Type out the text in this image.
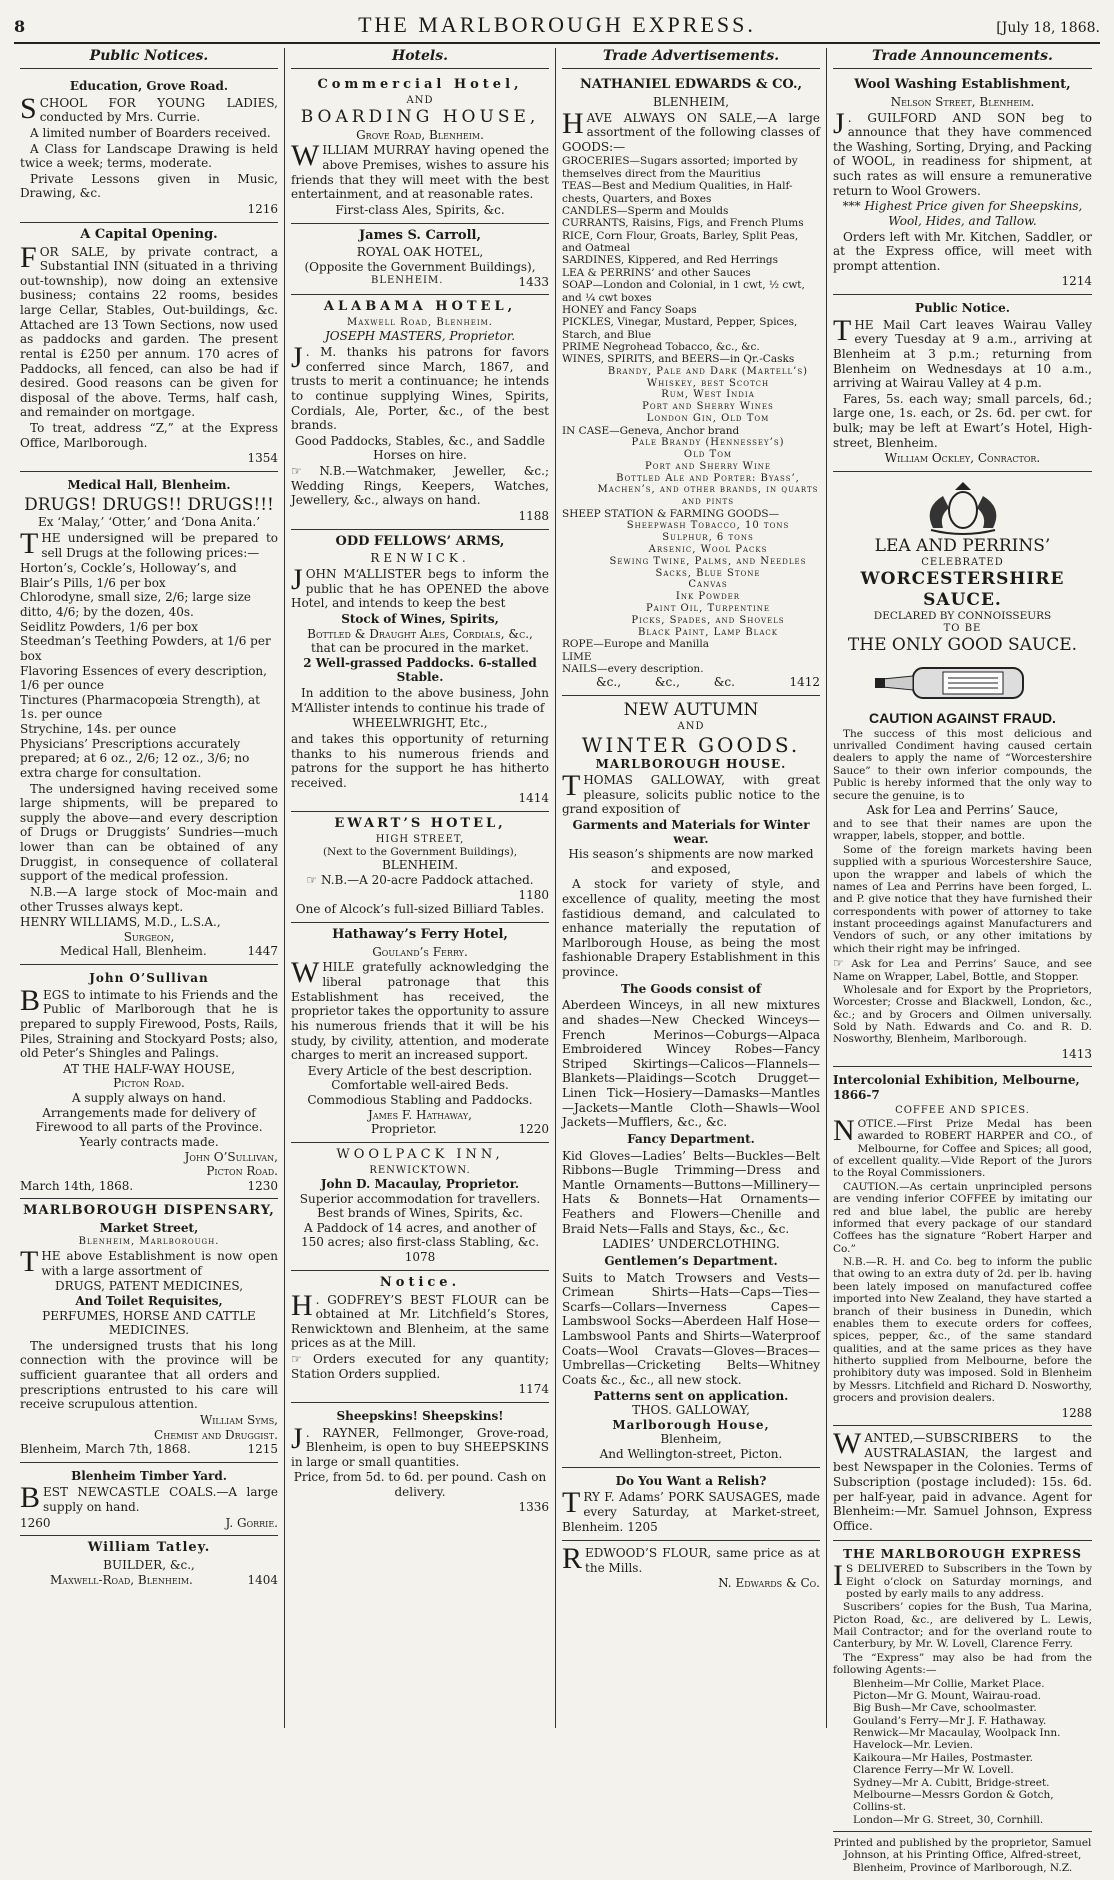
8	THE MARLBOROUGH EXPRESS.	[July 18, 1868.
Public Notices.
Education, Grove Road.

SCHOOL FOR YOUNG LADIES, conducted by Mrs. Currie.

A limited number of Boarders received.

A Class for Landscape Drawing is held twice a week; terms, moderate.

Private Lessons given in Music, Drawing, &c.

1216
A Capital Opening.

FOR SALE, by private contract, a Substantial INN (situated in a thriving out-township), now doing an extensive business; contains 22 rooms, besides large Cellar, Stables, Out-buildings, &c. Attached are 13 Town Sections, now used as paddocks and garden. The present rental is £250 per annum. 170 acres of Paddocks, all fenced, can also be had if desired. Good reasons can be given for disposal of the above. Terms, half cash, and remainder on mortgage.

To treat, address “Z,” at the Express Office, Marlborough.

1354
Medical Hall, Blenheim.
DRUGS! DRUGS!! DRUGS!!!
Ex ‘Malay,’ ‘Otter,’ and ‘Dona Anita.’

THE undersigned will be prepared to sell Drugs at the following prices:—

Horton’s, Cockle’s, Holloway’s, and Blair’s Pills, 1/6 per box
Chlorodyne, small size, 2/6; large size ditto, 4/6; by the dozen, 40s.
Seidlitz Powders, 1/6 per box
Steedman’s Teething Powders, at 1/6 per box
Flavoring Essences of every description, 1/6 per ounce
Tinctures (Pharmacopœia Strength), at 1s. per ounce
Strychine, 14s. per ounce
Physicians’ Prescriptions accurately prepared; at 6 oz., 2/6; 12 oz., 3/6; no extra charge for consultation.

The undersigned having received some large shipments, will be prepared to supply the above—and every description of Drugs or Druggists’ Sundries—much lower than can be obtained of any Druggist, in consequence of collateral support of the medical profession.

N.B.—A large stock of Moc-main and other Trusses always kept.

HENRY WILLIAMS, M.D., L.S.A.,
Surgeon,
Medical Hall, Blenheim.	1447
John O’Sullivan

BEGS to intimate to his Friends and the Public of Marlborough that he is prepared to supply Firewood, Posts, Rails, Piles, Straining and Stockyard Posts; also, old Peter’s Shingles and Palings.

AT THE HALF-WAY HOUSE,
Picton Road.
A supply always on hand.
Arrangements made for delivery of Firewood to all parts of the Province.
Yearly contracts made.
John O’Sullivan,
Picton Road.
March 14th, 1868.	1230
MARLBOROUGH DISPENSARY,
Market Street,
Blenheim, Marlborough.

THE above Establishment is now open with a large assortment of

DRUGS, PATENT MEDICINES,
And Toilet Requisites,
PERFUMES, HORSE AND CATTLE MEDICINES.

The undersigned trusts that his long connection with the province will be sufficient guarantee that all orders and prescriptions entrusted to his care will receive scrupulous attention.

William Syms,
Chemist and Druggist.
Blenheim, March 7th, 1868.	1215
Blenheim Timber Yard.

BEST NEWCASTLE COALS.—A large supply on hand.

1260	J. Gorrie.
William Tatley.
BUILDER, &c.,
Maxwell-Road, Blenheim.	1404
Hotels.
Commercial Hotel,
AND
BOARDING HOUSE,
Grove Road, Blenheim.

WILLIAM MURRAY having opened the above Premises, wishes to assure his friends that they will meet with the best entertainment, and at reasonable rates.

First-class Ales, Spirits, &c.
James S. Carroll,
ROYAL OAK HOTEL,
(Opposite the Government Buildings),
BLENHEIM.	1433
ALABAMA HOTEL,
Maxwell Road, Blenheim.
JOSEPH MASTERS, Proprietor.

J . M. thanks his patrons for favors conferred since March, 1867, and trusts to merit a continuance; he intends to continue supplying Wines, Spirits, Cordials, Ale, Porter, &c., of the best brands.

Good Paddocks, Stables, &c., and Saddle Horses on hire.

☞ N.B.—Watchmaker, Jeweller, &c.; Wedding Rings, Keepers, Watches, Jewellery, &c., always on hand.

1188
ODD FELLOWS’ ARMS,
RENWICK.

JOHN M‘ALLISTER begs to inform the public that he has OPENED the above Hotel, and intends to keep the best

Stock of Wines, Spirits,
Bottled & Draught Ales, Cordials, &c.,
that can be procured in the market.
2 Well-grassed Paddocks. 6-stalled Stable.

In addition to the above business, John M‘Allister intends to continue his trade of

WHEELWRIGHT, Etc.,

and takes this opportunity of returning thanks to his numerous friends and patrons for the support he has hitherto received.

1414
EWART’S HOTEL,
HIGH STREET,
(Next to the Government Buildings),
BLENHEIM.
☞ N.B.—A 20-acre Paddock attached.
1180
One of Alcock’s full-sized Billiard Tables.
Hathaway’s Ferry Hotel,
Gouland’s Ferry.

WHILE gratefully acknowledging the liberal patronage that this Establishment has received, the proprietor takes the opportunity to assure his numerous friends that it will be his study, by civility, attention, and moderate charges to merit an increased support.

Every Article of the best description.
Comfortable well-aired Beds.
Commodious Stabling and Paddocks.
James F. Hathaway,
Proprietor.	1220
WOOLPACK INN,
RENWICKTOWN.
John D. Macaulay, Proprietor.
Superior accommodation for travellers.
Best brands of Wines, Spirits, &c.
A Paddock of 14 acres, and another of 150 acres; also first-class Stabling, &c. 1078
Notice.

H . GODFREY’S BEST FLOUR can be obtained at Mr. Litchfield’s Stores, Renwicktown and Blenheim, at the same prices as at the Mill.

☞ Orders executed for any quantity; Station Orders supplied.

1174
Sheepskins! Sheepskins!

J . RAYNER, Fellmonger, Grove-road, Blenheim, is open to buy SHEEPSKINS in large or small quantities.

Price, from 5d. to 6d. per pound. Cash on delivery.
1336
Trade Advertisements.
NATHANIEL EDWARDS & CO.,
BLENHEIM,

HAVE ALWAYS ON SALE,—A large assortment of the following classes of GOODS:—

GROCERIES—Sugars assorted; imported by themselves direct from the Mauritius
TEAS—Best and Medium Qualities, in Half-chests, Quarters, and Boxes
CANDLES—Sperm and Moulds
CURRANTS, Raisins, Figs, and French Plums
RICE, Corn Flour, Groats, Barley, Split Peas, and Oatmeal
SARDINES, Kippered, and Red Herrings
LEA & PERRINS’ and other Sauces
SOAP—London and Colonial, in 1 cwt, ½ cwt, and ¼ cwt boxes
HONEY and Fancy Soaps
PICKLES, Vinegar, Mustard, Pepper, Spices, Starch, and Blue
PRIME Negrohead Tobacco, &c., &c.
WINES, SPIRITS, and BEERS—in Qr.-Casks
Brandy, Pale and Dark (Martell’s)
Whiskey, best Scotch
Rum, West India
Port and Sherry Wines
London Gin, Old Tom
IN CASE—Geneva, Anchor brand
Pale Brandy (Hennessey’s)
Old Tom
Port and Sherry Wine
Bottled Ale and Porter: Byass’, Machen’s, and other brands, in quarts and pints
SHEEP STATION & FARMING GOODS—
Sheepwash Tobacco, 10 tons
Sulphur, 6 tons
Arsenic, Wool Packs
Sewing Twine, Palms, and Needles
Sacks, Blue Stone
Canvas
Ink Powder
Paint Oil, Turpentine
Picks, Spades, and Shovels
Black Paint, Lamp Black
ROPE—Europe and Manilla
LIME
NAILS—every description.
&c., &c., &c.	1412
NEW AUTUMN
AND
WINTER GOODS.
MARLBOROUGH HOUSE.

THOMAS GALLOWAY, with great pleasure, solicits public notice to the grand exposition of

Garments and Materials for Winter wear.
His season’s shipments are now marked and exposed,

A stock for variety of style, and excellence of quality, meeting the most fastidious demand, and calculated to enhance materially the reputation of Marlborough House, as being the most fashionable Drapery Establishment in this province.

The Goods consist of

Aberdeen Winceys, in all new mixtures and shades—New Checked Winceys—French Merinos—Coburgs—Alpaca Embroidered Wincey Robes—Fancy Striped Skirtings—Calicos—Flannels—Blankets—Plaidings—Scotch Drugget—Linen Tick—Hosiery—Damasks—Mantles—Jackets—Mantle Cloth—Shawls—Wool Jackets—Mufflers, &c., &c.

Fancy Department.

Kid Gloves—Ladies’ Belts—Buckles—Belt Ribbons—Bugle Trimming—Dress and Mantle Ornaments—Buttons—Millinery—Hats & Bonnets—Hat Ornaments—Feathers and Flowers—Chenille and Braid Nets—Falls and Stays, &c., &c.

LADIES’ UNDERCLOTHING.
Gentlemen’s Department.

Suits to Match Trowsers and Vests—Crimean Shirts—Hats—Caps—Ties—Scarfs—Collars—Inverness Capes—Lambswool Socks—Aberdeen Half Hose—Lambswool Pants and Shirts—Waterproof Coats—Wool Cravats—Gloves—Braces—Umbrellas—Cricketing Belts—Whitney Coats &c., &c., all new stock.

Patterns sent on application.
THOS. GALLOWAY,
Marlborough House,
Blenheim,
And Wellington-street, Picton.
Do You Want a Relish?

TRY F. Adams’ PORK SAUSAGES, made every Saturday, at Market-street, Blenheim. 1205

REDWOOD’S FLOUR, same price as at the Mills.

N. Edwards & Co.
Trade Announcements.
Wool Washing Establishment,
Nelson Street, Blenheim.

J . GUILFORD AND SON beg to announce that they have commenced the Washing, Sorting, Drying, and Packing of WOOL, in readiness for shipment, at such rates as will ensure a remunerative return to Wool Growers.

*** Highest Price given for Sheepskins, Wool, Hides, and Tallow.

Orders left with Mr. Kitchen, Saddler, or at the Express office, will meet with prompt attention.

1214
Public Notice.

THE Mail Cart leaves Wairau Valley every Tuesday at 9 a.m., arriving at Blenheim at 3 p.m.; returning from Blenheim on Wednesdays at 10 a.m., arriving at Wairau Valley at 4 p.m.

Fares, 5s. each way; small parcels, 6d.; large one, 1s. each, or 2s. 6d. per cwt. for bulk; may be left at Ewart’s Hotel, High-street, Blenheim.

William Ockley, Conractor.
LEA AND PERRINS’
CELEBRATED
WORCESTERSHIRE SAUCE.
DECLARED BY CONNOISSEURS
TO BE
THE ONLY GOOD SAUCE.
CAUTION AGAINST FRAUD.

The success of this most delicious and unrivalled Condiment having caused certain dealers to apply the name of “Worcestershire Sauce” to their own inferior compounds, the Public is hereby informed that the only way to secure the genuine, is to

Ask for Lea and Perrins’ Sauce,

and to see that their names are upon the wrapper, labels, stopper, and bottle.

Some of the foreign markets having been supplied with a spurious Worcestershire Sauce, upon the wrapper and labels of which the names of Lea and Perrins have been forged, L. and P. give notice that they have furnished their correspondents with power of attorney to take instant proceedings against Manufacturers and Vendors of such, or any other imitations by which their right may be infringed.

☞ Ask for Lea and Perrins’ Sauce, and see Name on Wrapper, Label, Bottle, and Stopper.

Wholesale and for Export by the Proprietors, Worcester; Crosse and Blackwell, London, &c., &c.; and by Grocers and Oilmen universally. Sold by Nath. Edwards and Co. and R. D. Nosworthy, Blenheim, Marlborough.

1413
Intercolonial Exhibition, Melbourne, 1866-7
COFFEE AND SPICES.

NOTICE.—First Prize Medal has been awarded to ROBERT HARPER and CO., of Melbourne, for Coffee and Spices; all good, of excellent quality.—Vide Report of the Jurors to the Royal Commissioners.

CAUTION.—As certain unprincipled persons are vending inferior COFFEE by imitating our red and blue label, the public are hereby informed that every package of our standard Coffees has the signature “Robert Harper and Co.”

N.B.—R. H. and Co. beg to inform the public that owing to an extra duty of 2d. per lb. having been lately imposed on manufactured coffee imported into New Zealand, they have started a branch of their business in Dunedin, which enables them to execute orders for coffees, spices, pepper, &c., of the same standard qualities, and at the same prices as they have hitherto supplied from Melbourne, before the prohibitory duty was imposed. Sold in Blenheim by Messrs. Litchfield and Richard D. Nosworthy, grocers and provision dealers.

1288

WANTED,—SUBSCRIBERS to the AUSTRALASIAN, the largest and best Newspaper in the Colonies. Terms of Subscription (postage included): 15s. 6d. per half-year, paid in advance. Agent for Blenheim:—Mr. Samuel Johnson, Express Office.

THE MARLBOROUGH EXPRESS

I S DELIVERED to Subscribers in the Town by Eight o’clock on Saturday mornings, and posted by early mails to any address.

Suscribers’ copies for the Bush, Tua Marina, Picton Road, &c., are delivered by L. Lewis, Mail Contractor; and for the overland route to Canterbury, by Mr. W. Lovell, Clarence Ferry.

The “Express” may also be had from the following Agents:—

Blenheim—Mr Collie, Market Place.
Picton—Mr G. Mount, Wairau-road.
Big Bush—Mr Cave, schoolmaster.
Gouland’s Ferry—Mr J. F. Hathaway.
Renwick—Mr Macaulay, Woolpack Inn.
Havelock—Mr. Levien.
Kaikoura—Mr Hailes, Postmaster.
Clarence Ferry—Mr W. Lovell.
Sydney—Mr A. Cubitt, Bridge-street.
Melbourne—Messrs Gordon & Gotch, Collins-st.
London—Mr G. Street, 30, Cornhill.

Printed and published by the proprietor, Samuel Johnson, at his Printing Office, Alfred-street, Blenheim, Province of Marlborough, N.Z.
